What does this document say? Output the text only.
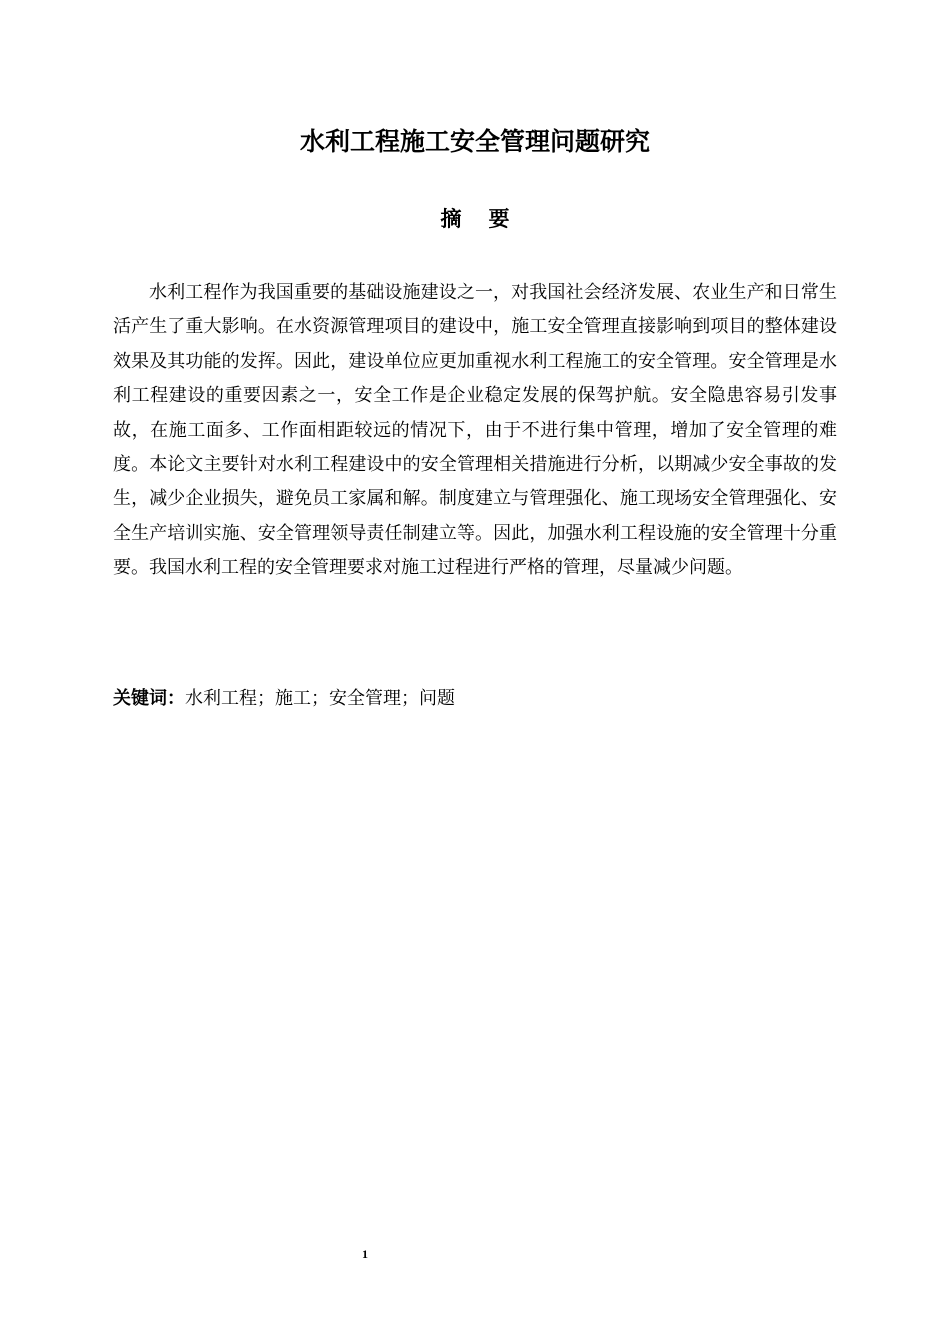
水利工程施工安全管理问题研究
摘要

水利工程作为我国重要的基础设施建设之一，对我国社会经济发展、农业生产和日常生活产生了重大影响。在水资源管理项目的建设中，施工安全管理直接影响到项目的整体建设效果及其功能的发挥。因此，建设单位应更加重视水利工程施工的安全管理。安全管理是水利工程建设的重要因素之一，安全工作是企业稳定发展的保驾护航。安全隐患容易引发事故，在施工面多、工作面相距较远的情况下，由于不进行集中管理，增加了安全管理的难度。本论文主要针对水利工程建设中的安全管理相关措施进行分析，以期减少安全事故的发生，减少企业损失，避免员工家属和解。制度建立与管理强化、施工现场安全管理强化、安全生产培训实施、安全管理领导责任制建立等。因此，加强水利工程设施的安全管理十分重要。我国水利工程的安全管理要求对施工过程进行严格的管理，尽量减少问题。

关键词：水利工程；施工；安全管理；问题

1
